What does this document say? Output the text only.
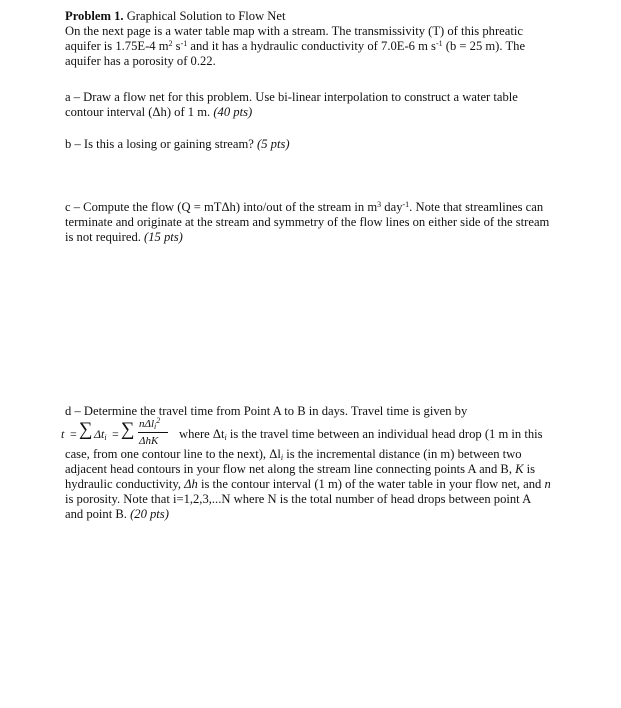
Problem 1. Graphical Solution to Flow Net

On the next page is a water table map with a stream. The transmissivity (T) of this phreatic

aquifer is 1.75E-4 $m^2$ $s^{-1}$ and it has a hydraulic conductivity of 7.0E-6 m $s^{-1}$ (b = 25 m). The

aquifer has a porosity of 0.22.

a – Draw a flow net for this problem. Use bi-linear interpolation to construct a water table

contour interval (Δh) of 1 m. (40 pts)

b – Is this a losing or gaining stream? (5 pts)

c – Compute the flow (Q = mTΔh) into/out of the stream in $m^3$ day$^{-1}$. Note that streamlines can

terminate and originate at the stream and symmetry of the flow lines on either side of the stream

is not required. (15 pts)

d – Determine the travel time from Point A to B in days. Travel time is given by

t = ∑ $\Delta t_i$ = ∑ nΔl$_i^2$
ΔhK where $\Delta t_i$ is the travel time between an individual head drop (1 m in this

case, from one contour line to the next), $\Delta l_i$ is the incremental distance (in m) between two

adjacent head contours in your flow net along the stream line connecting points A and B, K is

hydraulic conductivity, Δh is the contour interval (1 m) of the water table in your flow net, and n

is porosity. Note that i=1,2,3,...N where N is the total number of head drops between point A

and point B. (20 pts)
